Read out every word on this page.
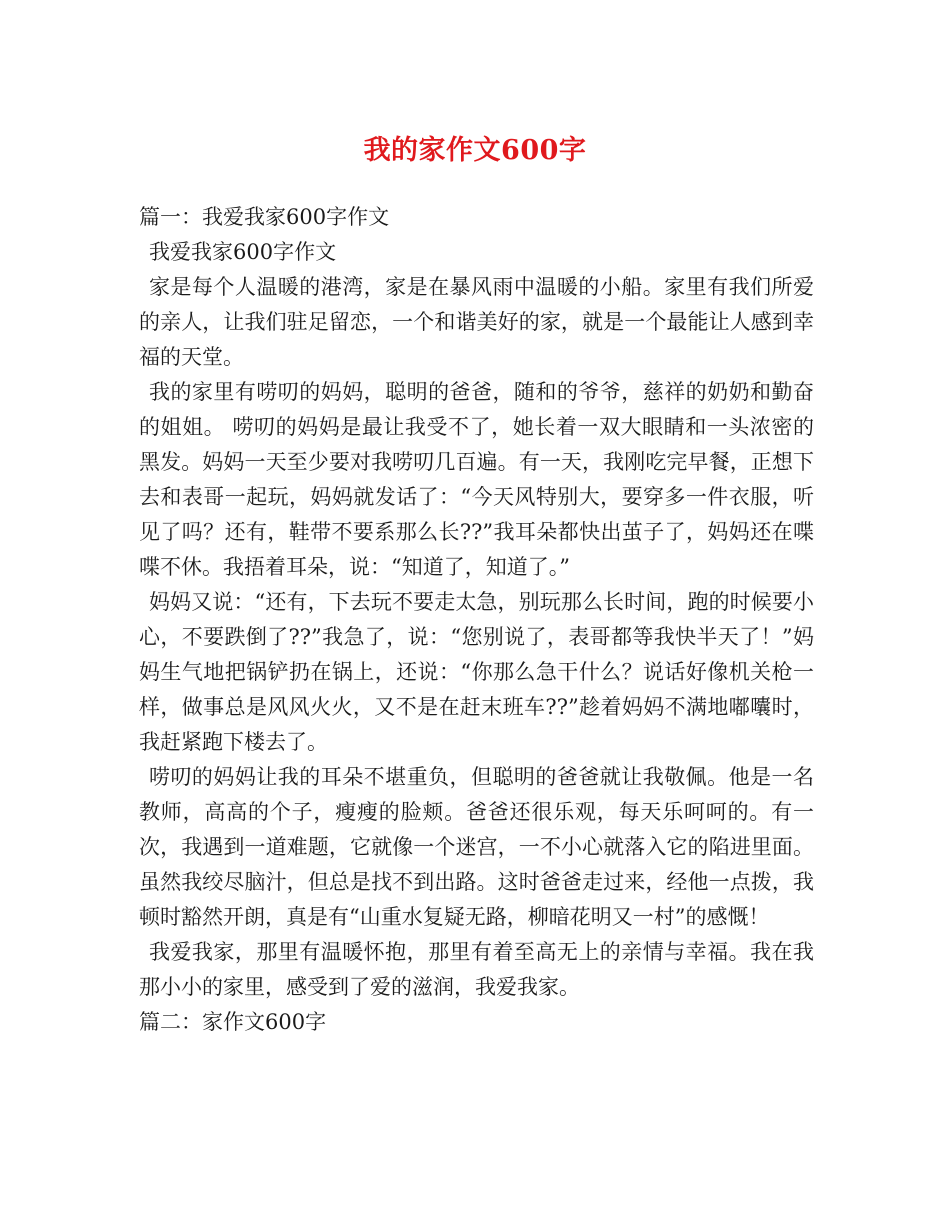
我的家作文600字

篇一：我爱我家600字作文

我爱我家600字作文

家是每个人温暖的港湾，家是在暴风雨中温暖的小船。家里有我们所爱的亲人，让我们驻足留恋，一个和谐美好的家，就是一个最能让人感到幸福的天堂。

我的家里有唠叨的妈妈，聪明的爸爸，随和的爷爷，慈祥的奶奶和勤奋的姐姐。 唠叨的妈妈是最让我受不了，她长着一双大眼睛和一头浓密的黑发。妈妈一天至少要对我唠叨几百遍。有一天，我刚吃完早餐，正想下去和表哥一起玩，妈妈就发话了：“今天风特别大，要穿多一件衣服，听见了吗？还有，鞋带不要系那么长??”我耳朵都快出茧子了，妈妈还在喋喋不休。我捂着耳朵，说：“知道了，知道了。”

妈妈又说：“还有，下去玩不要走太急，别玩那么长时间，跑的时候要小心，不要跌倒了??”我急了，说：“您别说了，表哥都等我快半天了！”妈妈生气地把锅铲扔在锅上，还说：“你那么急干什么？说话好像机关枪一样，做事总是风风火火，又不是在赶末班车??”趁着妈妈不满地嘟囔时，我赶紧跑下楼去了。

唠叨的妈妈让我的耳朵不堪重负，但聪明的爸爸就让我敬佩。他是一名教师，高高的个子，瘦瘦的脸颊。爸爸还很乐观，每天乐呵呵的。有一次，我遇到一道难题，它就像一个迷宫，一不小心就落入它的陷进里面。虽然我绞尽脑汁，但总是找不到出路。这时爸爸走过来，经他一点拨，我顿时豁然开朗，真是有“山重水复疑无路，柳暗花明又一村”的感慨！

我爱我家，那里有温暖怀抱，那里有着至高无上的亲情与幸福。我在我那小小的家里，感受到了爱的滋润，我爱我家。

篇二：家作文600字
